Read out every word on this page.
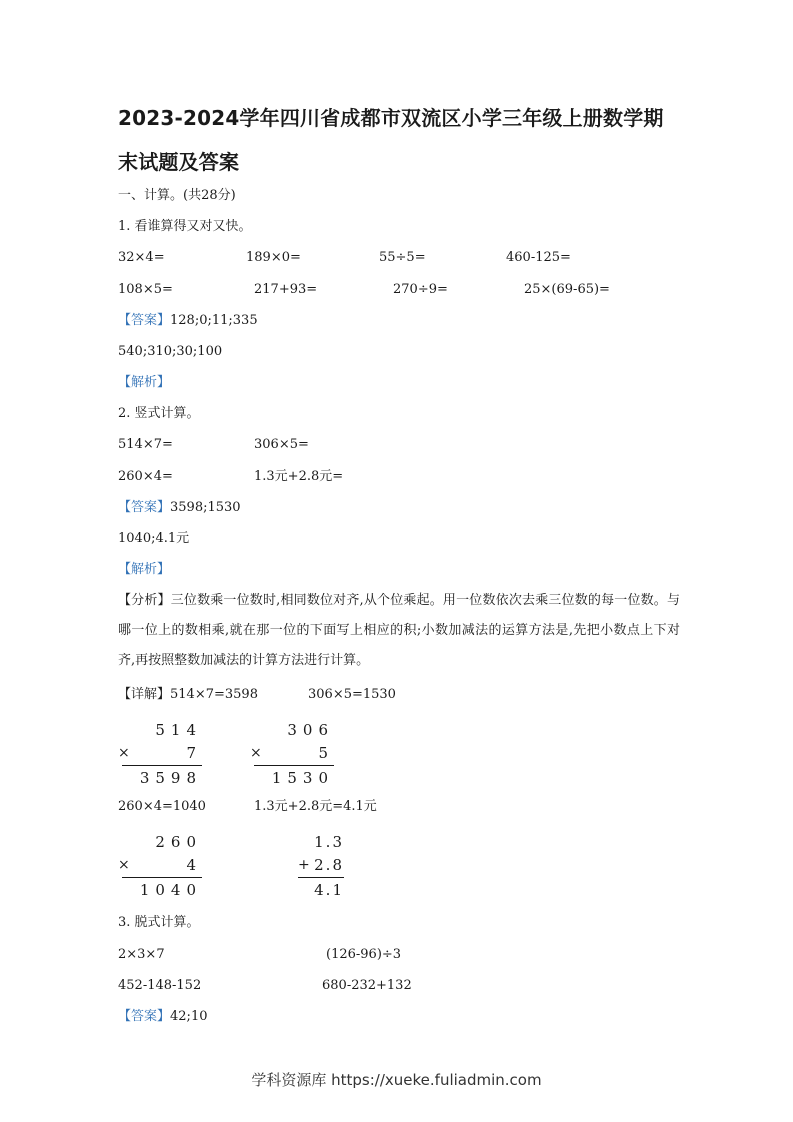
2023-2024学年四川省成都市双流区小学三年级上册数学期
末试题及答案
一、计算。(共28分)
1. 看谁算得又对又快。
32×4=	189×0=	55÷5=	460-125=
108×5=	217+93=	270÷9=	25×(69-65)=
【答案】128;0;11;335
540;310;30;100
【解析】
2. 竖式计算。
514×7=	306×5=
260×4=	1.3元+2.8元=
【答案】3598;1530
1040;4.1元
【解析】
【分析】三位数乘一位数时,相同数位对齐,从个位乘起。用一位数依次去乘三位数的每一位数。与哪一位上的数相乘,就在那一位的下面写上相应的积;小数加减法的运算方法是,先把小数点上下对齐,再按照整数加减法的计算方法进行计算。
【详解】514×7=3598	306×5=1530
514
×	7
3598
306
×	5
1530
260×4=1040	1.3元+2.8元=4.1元
260
×	4
1040
1.3
+ 2.8
4.1
3. 脱式计算。
2×3×7	(126-96)÷3
452-148-152	680-232+132
【答案】42;10
学科资源库 https://xueke.fuliadmin.com
